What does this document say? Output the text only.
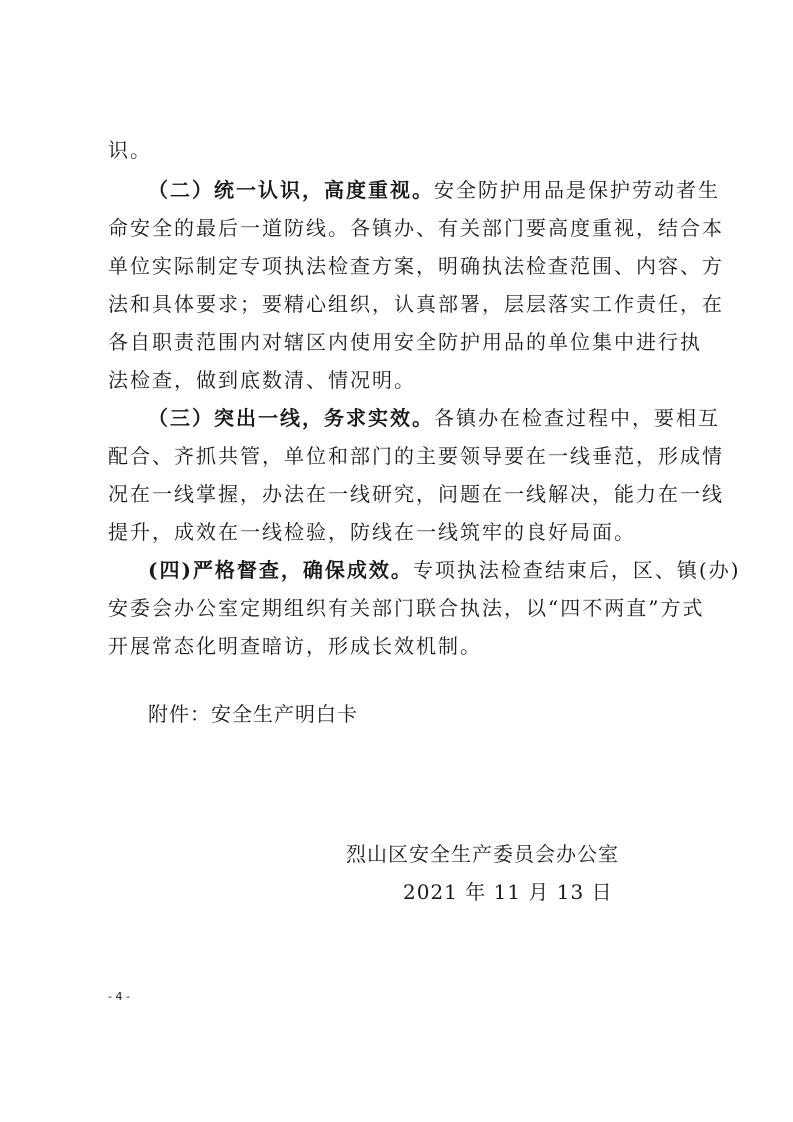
识。
（二）统一认识，高度重视。安全防护用品是保护劳动者生
命安全的最后一道防线。各镇办、有关部门要高度重视，结合本
单位实际制定专项执法检查方案，明确执法检查范围、内容、方
法和具体要求；要精心组织，认真部署，层层落实工作责任，在
各自职责范围内对辖区内使用安全防护用品的单位集中进行执
法检查，做到底数清、情况明。
（三）突出一线，务求实效。各镇办在检查过程中，要相互
配合、齐抓共管，单位和部门的主要领导要在一线垂范，形成情
况在一线掌握，办法在一线研究，问题在一线解决，能力在一线
提升，成效在一线检验，防线在一线筑牢的良好局面。
(四)严格督查，确保成效。专项执法检查结束后，区、镇(办)
安委会办公室定期组织有关部门联合执法，以“四不两直”方式
开展常态化明查暗访，形成长效机制。
附件：安全生产明白卡
烈山区安全生产委员会办公室
2021 年 11 月 13 日
- 4 -
